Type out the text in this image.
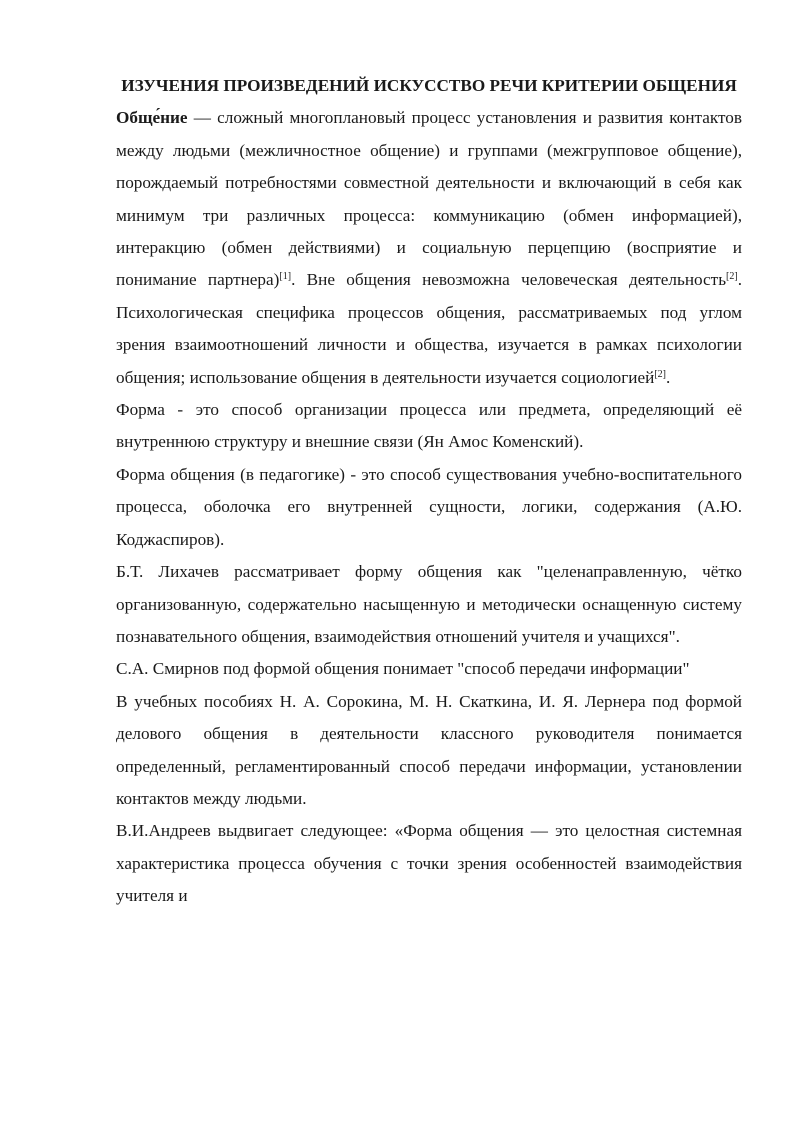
ИЗУЧЕНИЯ ПРОИЗВЕДЕНИЙ ИСКУССТВО РЕЧИ КРИТЕРИИ ОБЩЕНИЯ

Обще́ние — сложный многоплановый процесс установления и развития контактов между людьми (межличностное общение) и группами (межгрупповое общение), порождаемый потребностями совместной деятельности и включающий в себя как минимум три различных процесса: коммуникацию (обмен информацией), интеракцию (обмен действиями) и социальную перцепцию (восприятие и понимание партнера)[1]. Вне общения невозможна человеческая деятельность[2]. Психологическая специфика процессов общения, рассматриваемых под углом зрения взаимоотношений личности и общества, изучается в рамках психологии общения; использование общения в деятельности изучается социологией[2].

Форма - это способ организации процесса или предмета, определяющий её внутреннюю структуру и внешние связи (Ян Амос Коменский).

Форма общения (в педагогике) - это способ существования учебно-воспитательного процесса, оболочка его внутренней сущности, логики, содержания (А.Ю. Коджаспиров).

Б.Т. Лихачев рассматривает форму общения как "целенаправленную, чётко организованную, содержательно насыщенную и методически оснащенную систему познавательного общения, взаимодействия отношений учителя и учащихся".

С.А. Смирнов под формой общения понимает "способ передачи информации"

В учебных пособиях Н. А. Сорокина, М. Н. Скаткина, И. Я. Лернера под формой делового общения в деятельности классного руководителя понимается определенный, регламентированный способ передачи информации, установлении контактов между людьми.

В.И.Андреев выдвигает следующее: «Форма общения — это целостная системная характеристика процесса обучения с точки зрения особенностей взаимодействия учителя и
